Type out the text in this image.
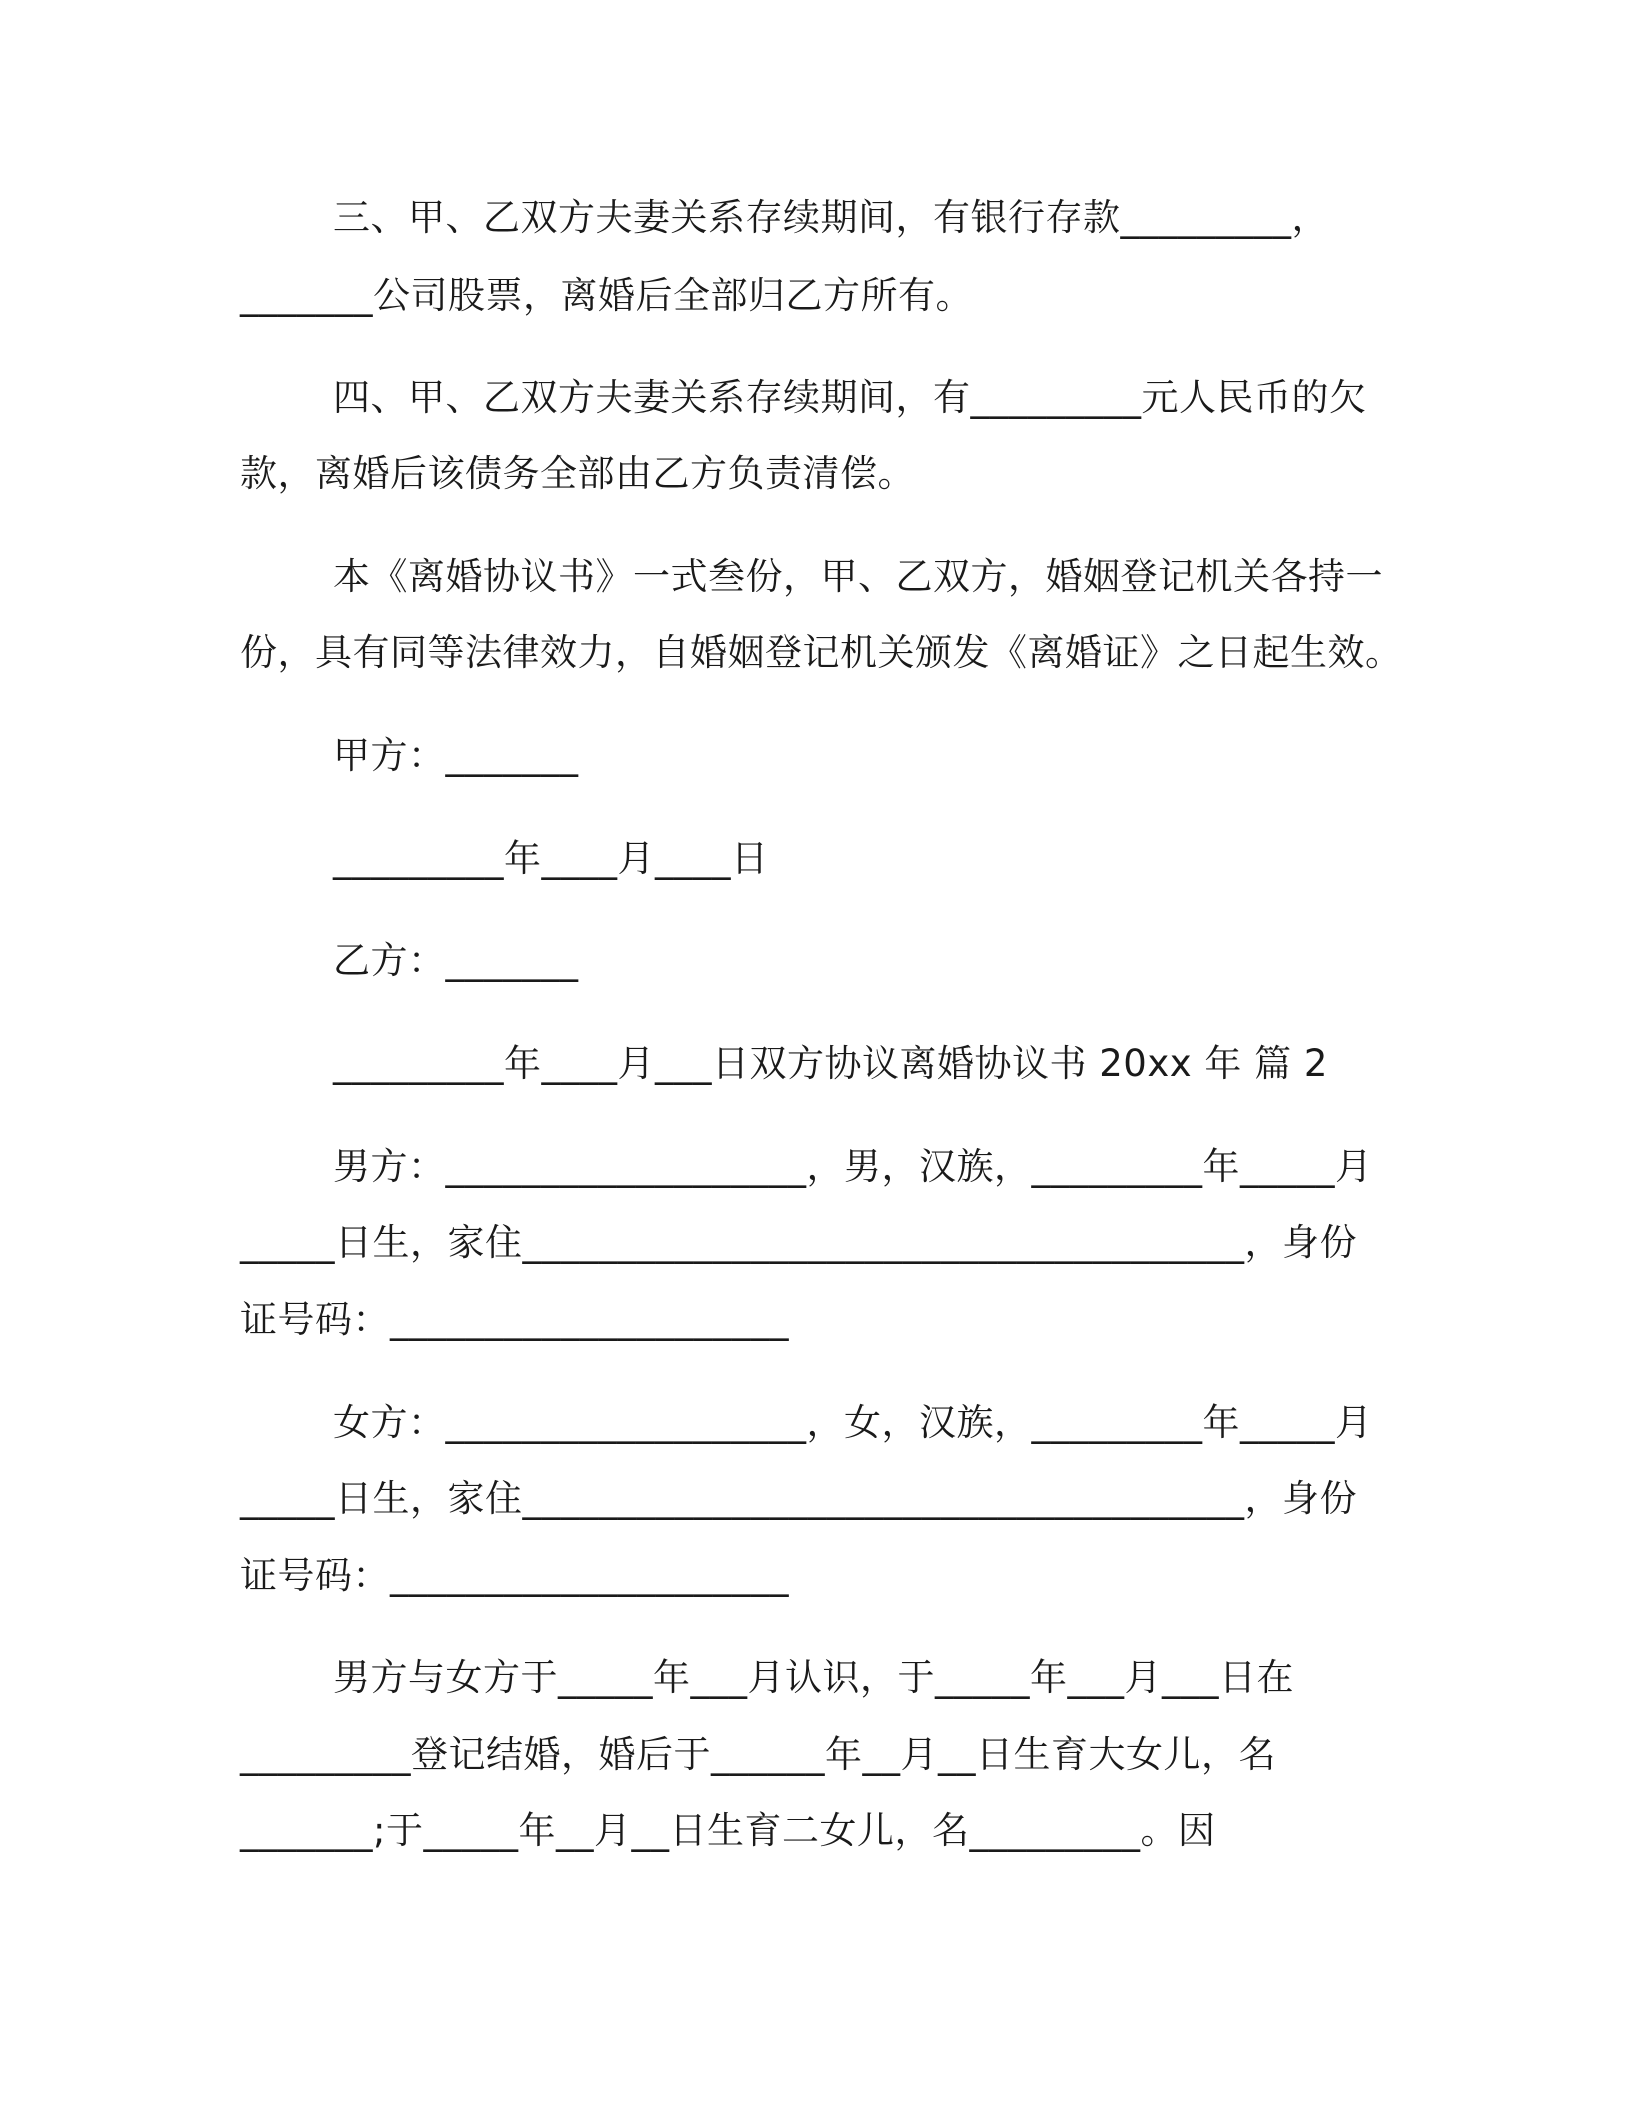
三、甲、乙双方夫妻关系存续期间，有银行存款_________，
_______公司股票，离婚后全部归乙方所有。
四、甲、乙双方夫妻关系存续期间，有_________元人民币的欠
款，离婚后该债务全部由乙方负责清偿。
本《离婚协议书》一式叁份，甲、乙双方，婚姻登记机关各持一
份，具有同等法律效力，自婚姻登记机关颁发《离婚证》之日起生效。
甲方：_______
_________年____月____日
乙方：_______
_________年____月___日双方协议离婚协议书 20xx 年 篇 2
男方：___________________，男，汉族，_________年_____月
_____日生，家住______________________________________，身份
证号码：_____________________
女方：___________________，女，汉族，_________年_____月
_____日生，家住______________________________________，身份
证号码：_____________________
男方与女方于_____年___月认识，于_____年___月___日在
_________登记结婚，婚后于______年__月__日生育大女儿，名
_______;于_____年__月__日生育二女儿，名_________。因
